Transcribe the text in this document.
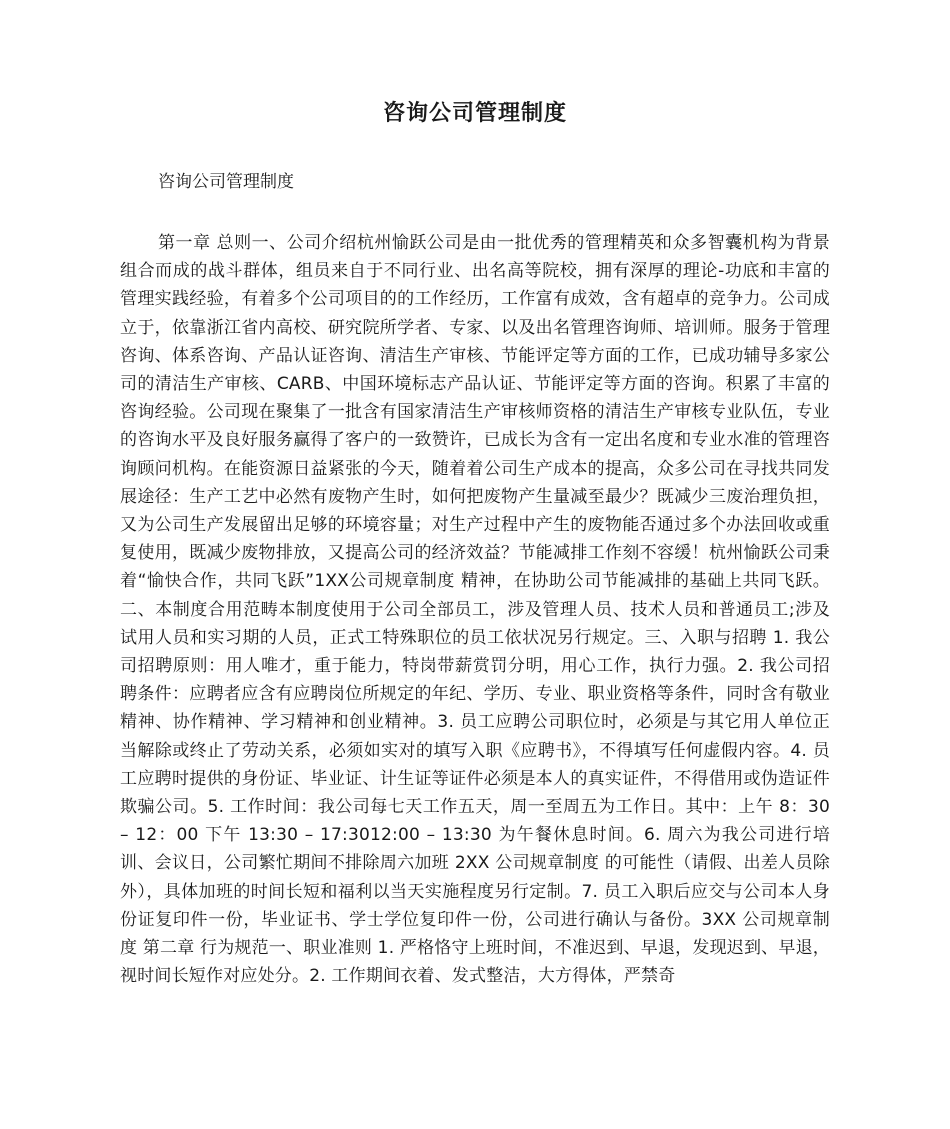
咨询公司管理制度

咨询公司管理制度

第一章 总则一、公司介绍杭州愉跃公司是由一批优秀的管理精英和众多智囊机构为背景组合而成的战斗群体，组员来自于不同行业、出名高等院校，拥有深厚的理论-功底和丰富的管理实践经验，有着多个公司项目的的工作经历，工作富有成效，含有超卓的竞争力。公司成立于，依靠浙江省内高校、研究院所学者、专家、以及出名管理咨询师、培训师。服务于管理咨询、体系咨询、产品认证咨询、清洁生产审核、节能评定等方面的工作，已成功辅导多家公司的清洁生产审核、CARB、中国环境标志产品认证、节能评定等方面的咨询。积累了丰富的咨询经验。公司现在聚集了一批含有国家清洁生产审核师资格的清洁生产审核专业队伍，专业的咨询水平及良好服务赢得了客户的一致赞许，已成长为含有一定出名度和专业水准的管理咨询顾问机构。在能资源日益紧张的今天，随着着公司生产成本的提高，众多公司在寻找共同发展途径：生产工艺中必然有废物产生时，如何把废物产生量减至最少？既减少三废治理负担，又为公司生产发展留出足够的环境容量；对生产过程中产生的废物能否通过多个办法回收或重复使用，既减少废物排放，又提高公司的经济效益？节能减排工作刻不容缓！杭州愉跃公司秉着“愉快合作，共同飞跃”1XX公司规章制度 精神，在协助公司节能减排的基础上共同飞跃。二、本制度合用范畴本制度使用于公司全部员工，涉及管理人员、技术人员和普通员工;涉及试用人员和实习期的人员，正式工特殊职位的员工依状况另行规定。三、入职与招聘 1. 我公司招聘原则：用人唯才，重于能力，特岗带薪赏罚分明，用心工作，执行力强。2. 我公司招聘条件：应聘者应含有应聘岗位所规定的年纪、学历、专业、职业资格等条件，同时含有敬业精神、协作精神、学习精神和创业精神。3. 员工应聘公司职位时，必须是与其它用人单位正当解除或终止了劳动关系，必须如实对的填写入职《应聘书》，不得填写任何虚假内容。4. 员工应聘时提供的身份证、毕业证、计生证等证件必须是本人的真实证件，不得借用或伪造证件欺骗公司。5. 工作时间：我公司每七天工作五天，周一至周五为工作日。其中：上午 8：30 – 12：00 下午 13:30 – 17:3012:00 – 13:30 为午餐休息时间。6. 周六为我公司进行培训、会议日，公司繁忙期间不排除周六加班 2XX 公司规章制度 的可能性（请假、出差人员除外），具体加班的时间长短和福利以当天实施程度另行定制。7. 员工入职后应交与公司本人身份证复印件一份，毕业证书、学士学位复印件一份，公司进行确认与备份。3XX 公司规章制度 第二章 行为规范一、职业准则 1. 严格恪守上班时间，不准迟到、早退，发现迟到、早退，视时间长短作对应处分。2. 工作期间衣着、发式整洁，大方得体，严禁奇
